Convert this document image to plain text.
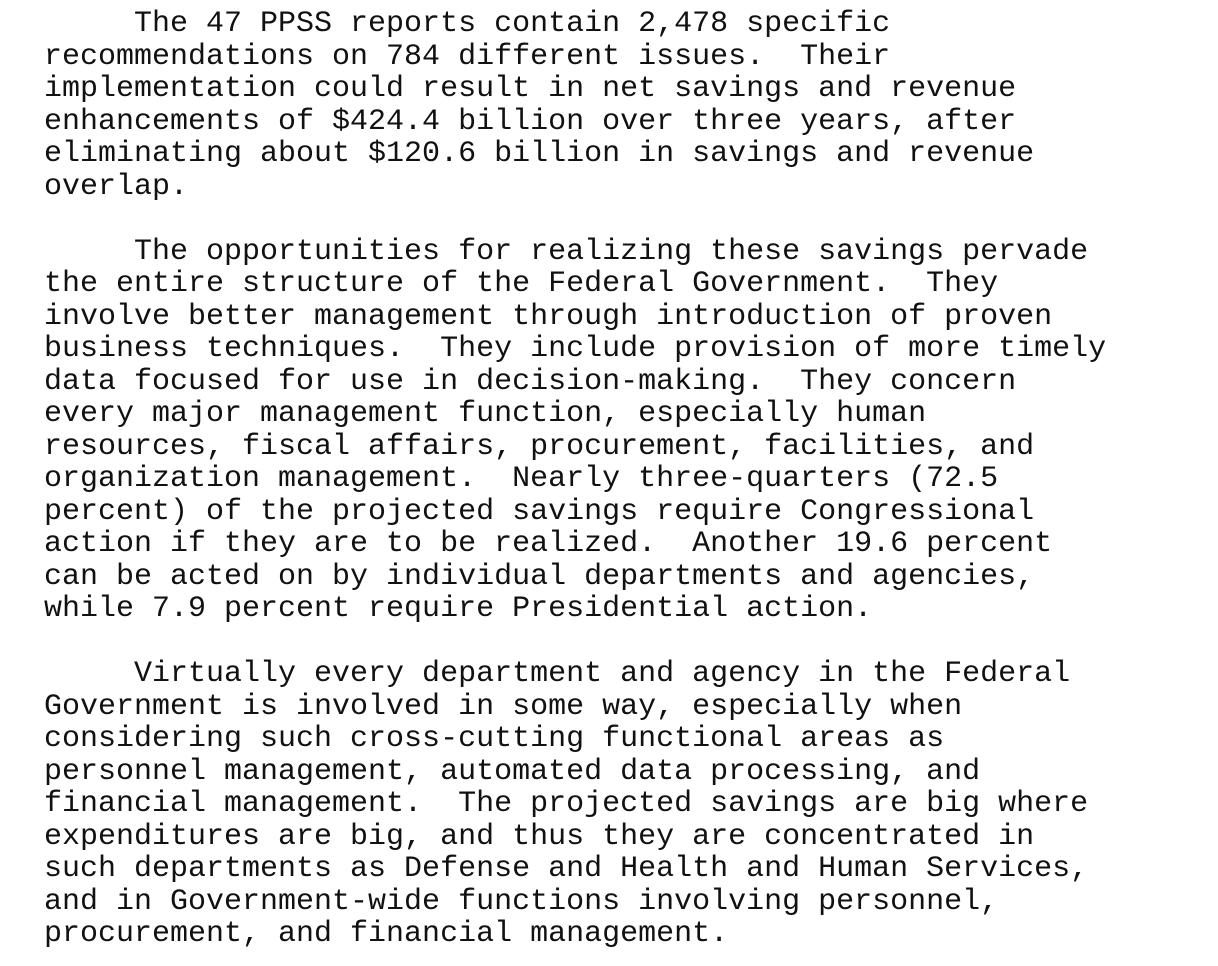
The 47 PPSS reports contain 2,478 specific
recommendations on 784 different issues.  Their
implementation could result in net savings and revenue
enhancements of $424.4 billion over three years, after
eliminating about $120.6 billion in savings and revenue
overlap.

The opportunities for realizing these savings pervade
the entire structure of the Federal Government.  They
involve better management through introduction of proven
business techniques.  They include provision of more timely
data focused for use in decision-making.  They concern
every major management function, especially human
resources, fiscal affairs, procurement, facilities, and
organization management.  Nearly three-quarters (72.5
percent) of the projected savings require Congressional
action if they are to be realized.  Another 19.6 percent
can be acted on by individual departments and agencies,
while 7.9 percent require Presidential action.

Virtually every department and agency in the Federal
Government is involved in some way, especially when
considering such cross-cutting functional areas as
personnel management, automated data processing, and
financial management.  The projected savings are big where
expenditures are big, and thus they are concentrated in
such departments as Defense and Health and Human Services,
and in Government-wide functions involving personnel,
procurement, and financial management.
